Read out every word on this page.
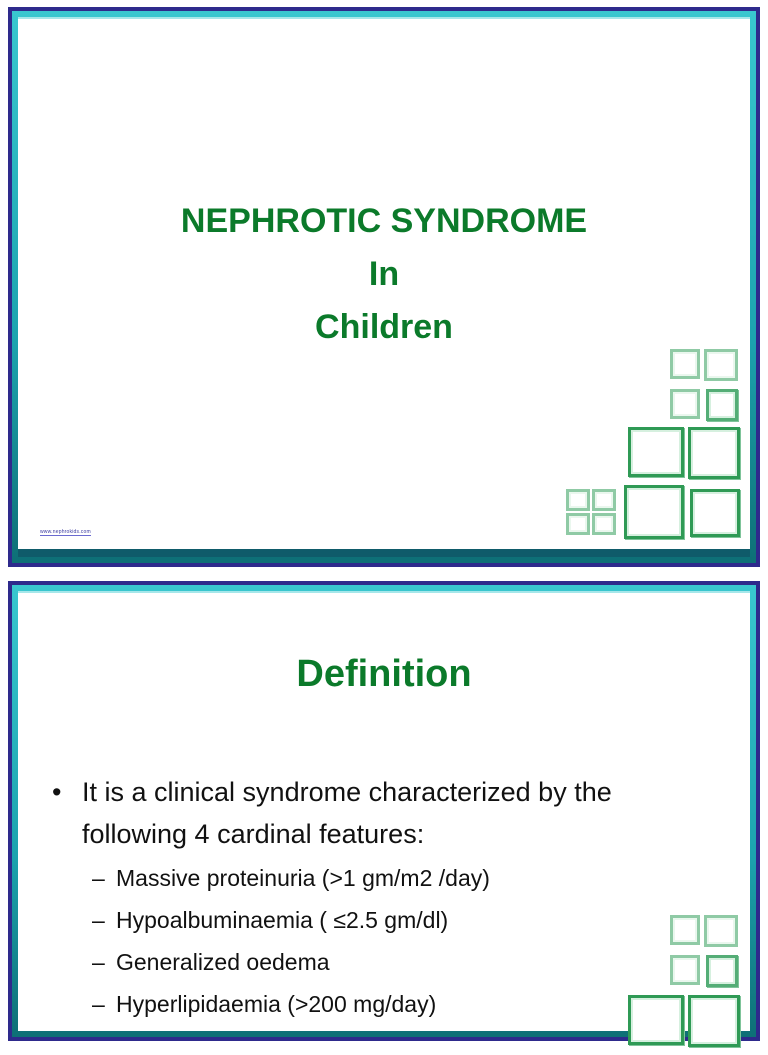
NEPHROTIC SYNDROME
In
Children
www.nephrokids.com
Definition
• It is a clinical syndrome characterized by the following 4 cardinal features:
– Massive proteinuria (>1 gm/m2 /day)
– Hypoalbuminaemia ( ≤2.5 gm/dl)
– Generalized oedema
– Hyperlipidaemia (>200 mg/day)
